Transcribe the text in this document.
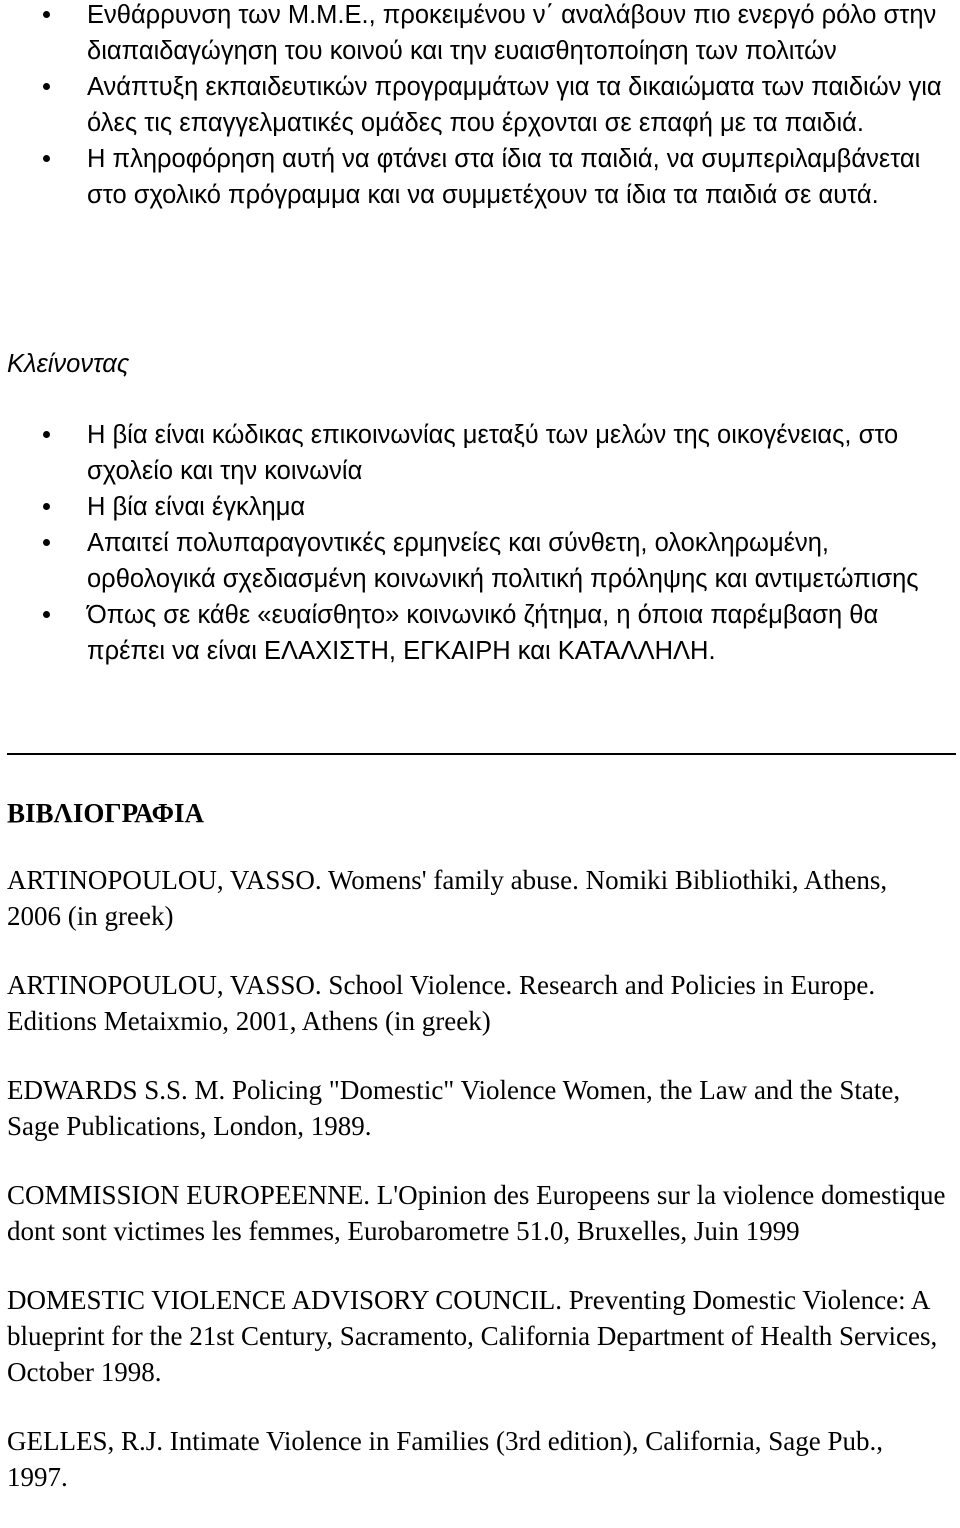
Ενθάρρυνση των Μ.Μ.Ε., προκειμένου ν΄ αναλάβουν πιο ενεργό ρόλο στην διαπαιδαγώγηση του κοινού και την ευαισθητοποίηση των πολιτών
Ανάπτυξη εκπαιδευτικών προγραμμάτων για τα δικαιώματα των παιδιών για όλες τις επαγγελματικές ομάδες που έρχονται σε επαφή με τα παιδιά.
Η πληροφόρηση αυτή να φτάνει στα ίδια τα παιδιά, να συμπεριλαμβάνεται στο σχολικό πρόγραμμα και να συμμετέχουν τα ίδια τα παιδιά σε αυτά.

Κλείνοντας

Η βία είναι κώδικας επικοινωνίας μεταξύ των μελών της οικογένειας, στο σχολείο και την κοινωνία
Η βία είναι έγκλημα
Απαιτεί πολυπαραγοντικές ερμηνείες και σύνθετη, ολοκληρωμένη, ορθολογικά σχεδιασμένη κοινωνική πολιτική πρόληψης και αντιμετώπισης
Όπως σε κάθε «ευαίσθητο» κοινωνικό ζήτημα, η όποια παρέμβαση θα πρέπει να είναι ΕΛΑΧΙΣΤΗ, ΕΓΚΑΙΡΗ και ΚΑΤΑΛΛΗΛΗ.
ΒΙΒΛΙΟΓΡΑΦΙΑ
ARTINOPOULOU, VASSO. Womens' family abuse. Nomiki Bibliothiki, Athens, 2006 (in greek)
ARTINOPOULOU, VASSO. School Violence. Research and Policies in Europe. Editions Metaixmio, 2001, Athens (in greek)
EDWARDS S.S. M. Policing "Domestic" Violence Women, the Law and the State, Sage Publications, London, 1989.
COMMISSION EUROPEENNE. L'Opinion des Europeens sur la violence domestique dont sont victimes les femmes, Eurobarometre 51.0, Bruxelles, Juin 1999
DOMESTIC VIOLENCE ADVISORY COUNCIL. Preventing Domestic Violence: A blueprint for the 21st Century, Sacramento, California Department of Health Services, October 1998.
GELLES, R.J. Intimate Violence in Families (3rd edition), California, Sage Pub., 1997.
